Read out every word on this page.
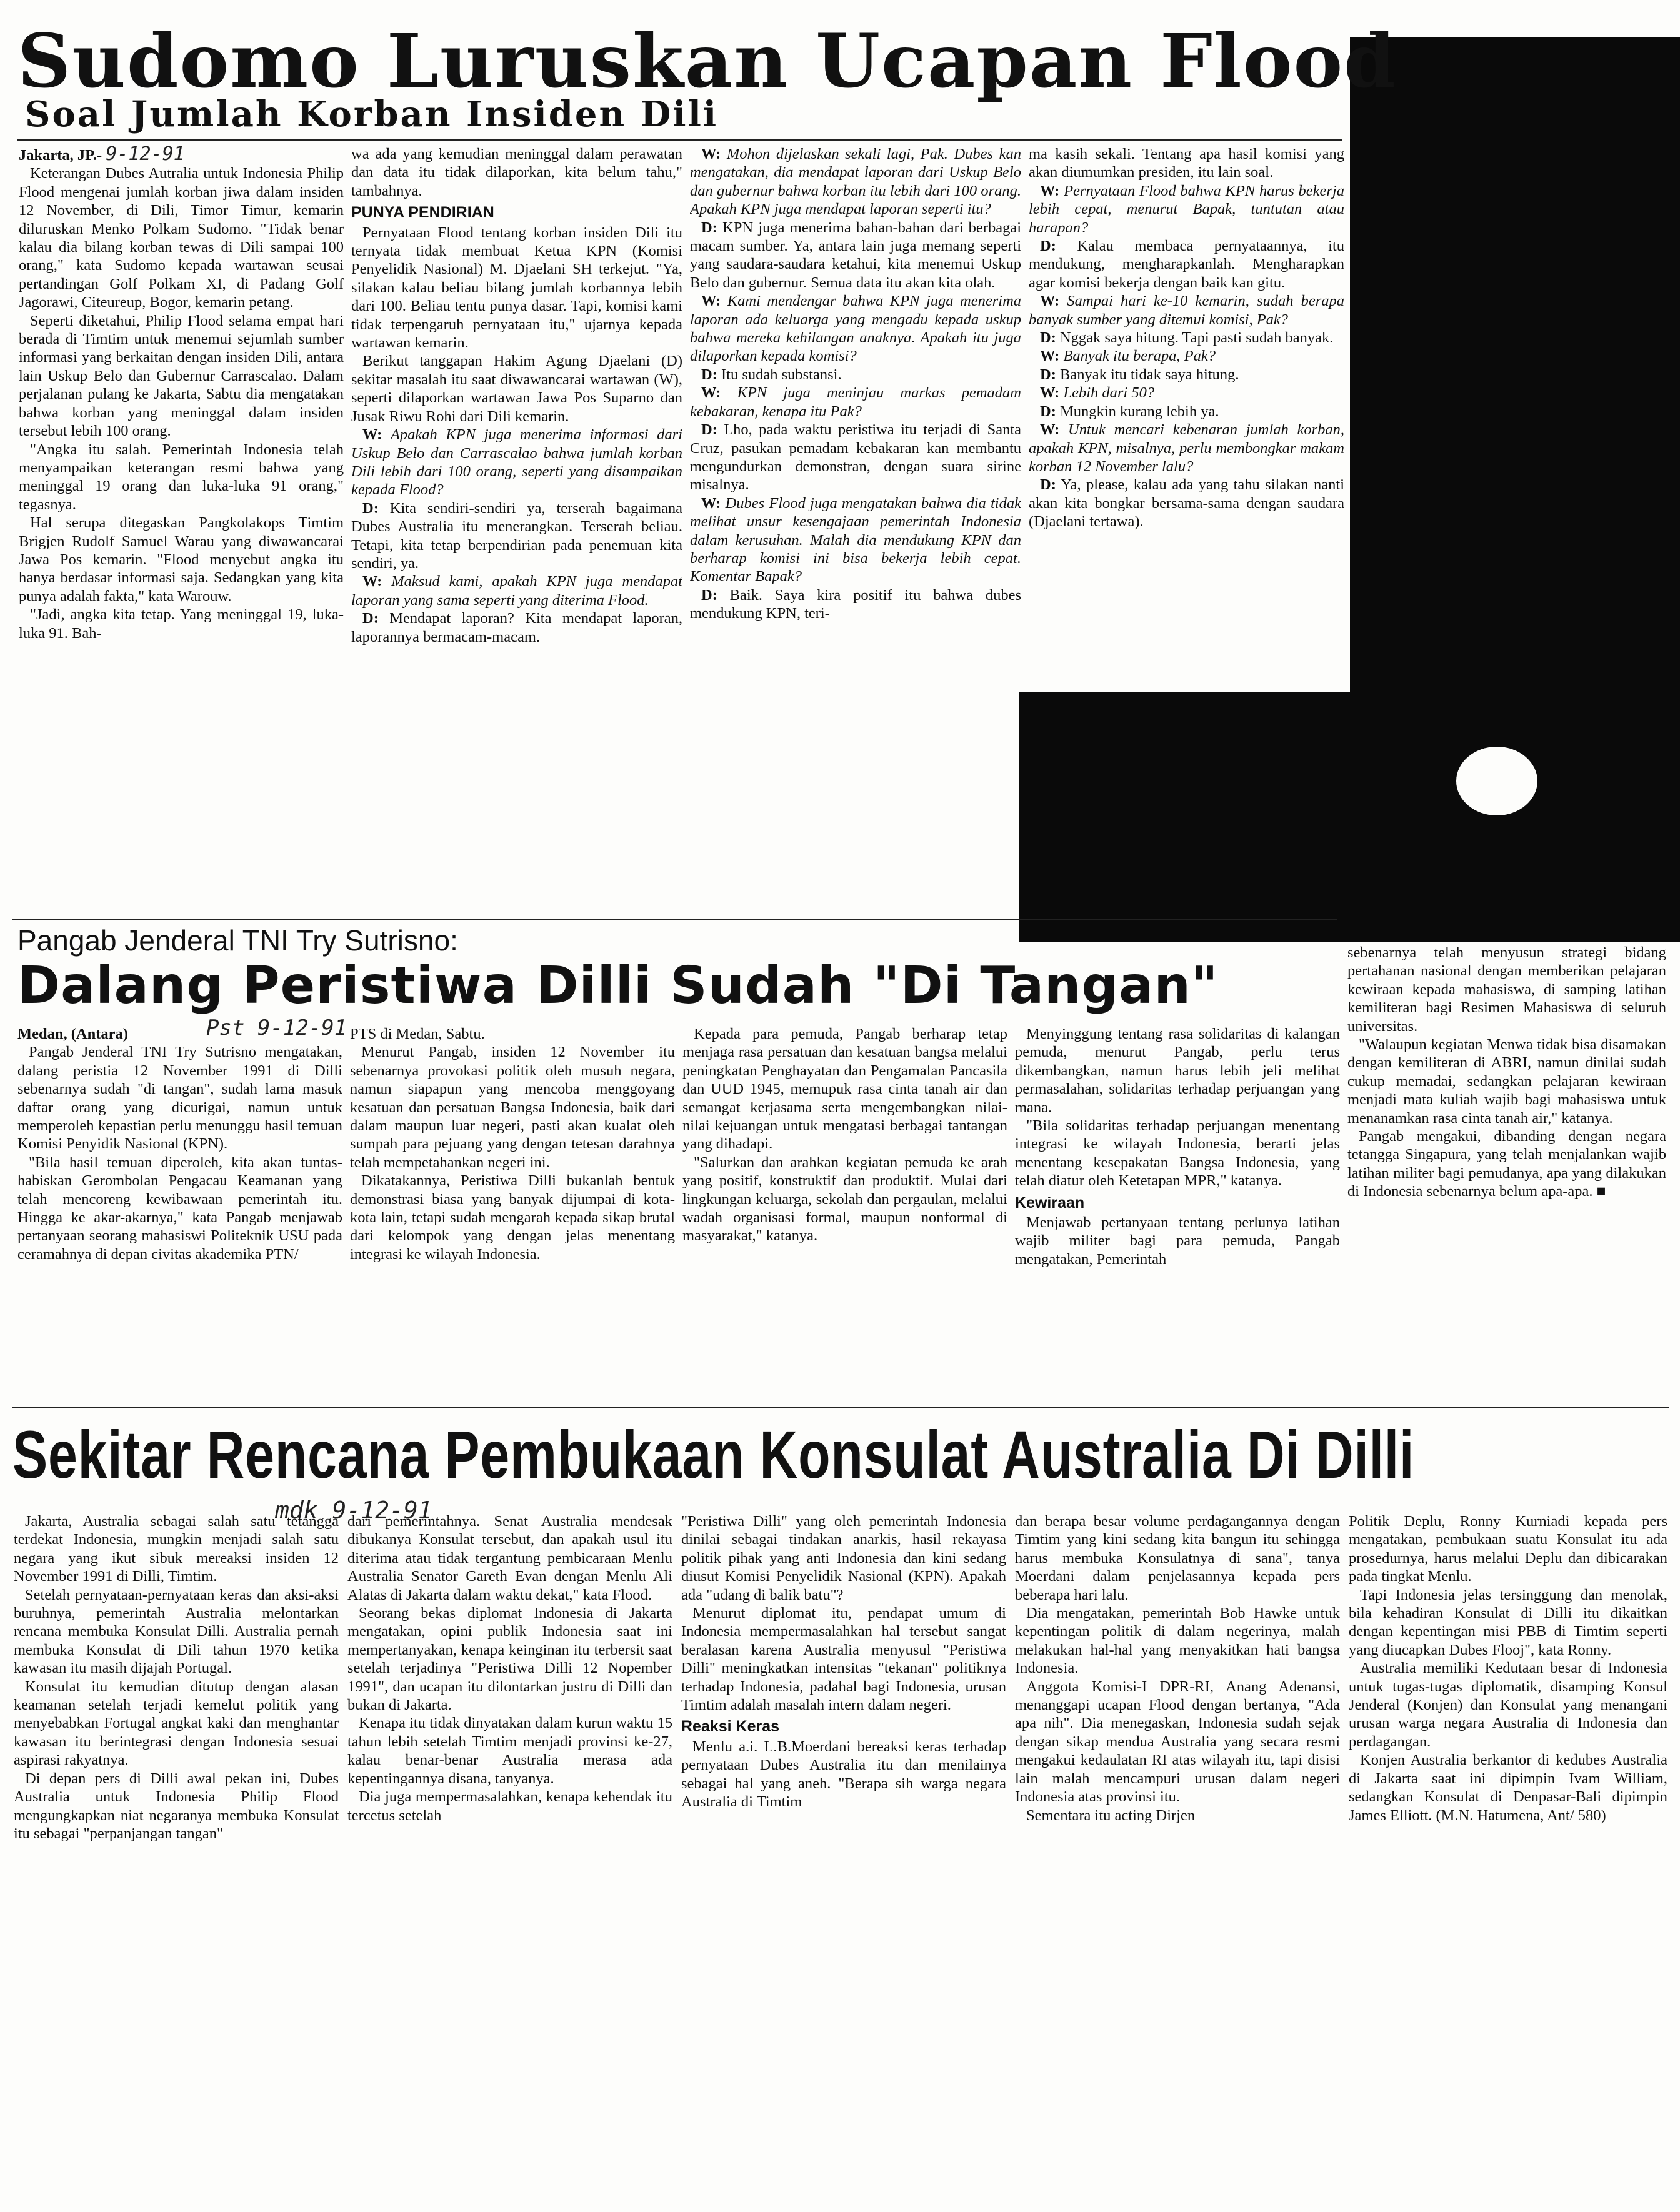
Sudomo Luruskan Ucapan Flood
Soal Jumlah Korban Insiden Dili

Jakarta, JP.- 9-12-91

Keterangan Dubes Autralia untuk Indonesia Philip Flood mengenai jumlah korban jiwa dalam insiden 12 November, di Dili, Timor Timur, kemarin diluruskan Menko Polkam Sudomo. "Tidak benar kalau dia bilang korban tewas di Dili sampai 100 orang," kata Sudomo kepada wartawan seusai pertandingan Golf Polkam XI, di Padang Golf Jagorawi, Citeureup, Bogor, kemarin petang.

Seperti diketahui, Philip Flood selama empat hari berada di Timtim untuk menemui sejumlah sumber informasi yang berkaitan dengan insiden Dili, antara lain Uskup Belo dan Gubernur Carrascalao. Dalam perjalanan pulang ke Jakarta, Sabtu dia mengatakan bahwa korban yang meninggal dalam insiden tersebut lebih 100 orang.

"Angka itu salah. Pemerintah Indonesia telah menyampaikan keterangan resmi bahwa yang meninggal 19 orang dan luka-luka 91 orang," tegasnya.

Hal serupa ditegaskan Pangkolakops Timtim Brigjen Rudolf Samuel Warau yang diwawancarai Jawa Pos kemarin. "Flood menyebut angka itu hanya berdasar informasi saja. Sedangkan yang kita punya adalah fakta," kata Warouw.

"Jadi, angka kita tetap. Yang meninggal 19, luka-luka 91. Bah-

wa ada yang kemudian meninggal dalam perawatan dan data itu tidak dilaporkan, kita belum tahu," tambahnya.

PUNYA PENDIRIAN

Pernyataan Flood tentang korban insiden Dili itu ternyata tidak membuat Ketua KPN (Komisi Penyelidik Nasional) M. Djaelani SH terkejut. "Ya, silakan kalau beliau bilang jumlah korbannya lebih dari 100. Beliau tentu punya dasar. Tapi, komisi kami tidak terpengaruh pernyataan itu," ujarnya kepada wartawan kemarin.

Berikut tanggapan Hakim Agung Djaelani (D) sekitar masalah itu saat diwawancarai wartawan (W), seperti dilaporkan wartawan Jawa Pos Suparno dan Jusak Riwu Rohi dari Dili kemarin.

W: Apakah KPN juga menerima informasi dari Uskup Belo dan Carrascalao bahwa jumlah korban Dili lebih dari 100 orang, seperti yang disampaikan kepada Flood?

D: Kita sendiri-sendiri ya, terserah bagaimana Dubes Australia itu menerangkan. Terserah beliau. Tetapi, kita tetap berpendirian pada penemuan kita sendiri, ya.

W: Maksud kami, apakah KPN juga mendapat laporan yang sama seperti yang diterima Flood.

D: Mendapat laporan? Kita mendapat laporan, laporannya bermacam-macam.

W: Mohon dijelaskan sekali lagi, Pak. Dubes kan mengatakan, dia mendapat laporan dari Uskup Belo dan gubernur bahwa korban itu lebih dari 100 orang. Apakah KPN juga mendapat laporan seperti itu?

D: KPN juga menerima bahan-bahan dari berbagai macam sumber. Ya, antara lain juga memang seperti yang saudara-saudara ketahui, kita menemui Uskup Belo dan gubernur. Semua data itu akan kita olah.

W: Kami mendengar bahwa KPN juga menerima laporan ada keluarga yang mengadu kepada uskup bahwa mereka kehilangan anaknya. Apakah itu juga dilaporkan kepada komisi?

D: Itu sudah substansi.

W: KPN juga meninjau markas pemadam kebakaran, kenapa itu Pak?

D: Lho, pada waktu peristiwa itu terjadi di Santa Cruz, pasukan pemadam kebakaran kan membantu mengundurkan demonstran, dengan suara sirine misalnya.

W: Dubes Flood juga mengatakan bahwa dia tidak melihat unsur kesengajaan pemerintah Indonesia dalam kerusuhan. Malah dia mendukung KPN dan berharap komisi ini bisa bekerja lebih cepat. Komentar Bapak?

D: Baik. Saya kira positif itu bahwa dubes mendukung KPN, teri-

ma kasih sekali. Tentang apa hasil komisi yang akan diumumkan presiden, itu lain soal.

W: Pernyataan Flood bahwa KPN harus bekerja lebih cepat, menurut Bapak, tuntutan atau harapan?

D: Kalau membaca pernyataannya, itu mendukung, mengharapkanlah. Mengharapkan agar komisi bekerja dengan baik kan gitu.

W: Sampai hari ke-10 kemarin, sudah berapa banyak sumber yang ditemui komisi, Pak?

D: Nggak saya hitung. Tapi pasti sudah banyak.

W: Banyak itu berapa, Pak?

D: Banyak itu tidak saya hitung.

W: Lebih dari 50?

D: Mungkin kurang lebih ya.

W: Untuk mencari kebenaran jumlah korban, apakah KPN, misalnya, perlu membongkar makam korban 12 November lalu?

D: Ya, please, kalau ada yang tahu silakan nanti akan kita bongkar bersama-sama dengan saudara (Djaelani tertawa).

Pangab Jenderal TNI Try Sutrisno:
Dalang Peristiwa Dilli Sudah "Di Tangan"

Medan, (Antara)

Pangab Jenderal TNI Try Sutrisno mengatakan, dalang peristia 12 November 1991 di Dilli sebenarnya sudah "di tangan", sudah lama masuk daftar orang yang dicurigai, namun untuk memperoleh kepastian perlu menunggu hasil temuan Komisi Penyidik Nasional (KPN).

"Bila hasil temuan diperoleh, kita akan tuntas-habiskan Gerombolan Pengacau Keamanan yang telah mencoreng kewibawaan pemerintah itu. Hingga ke akar-akarnya," kata Pangab menjawab pertanyaan seorang mahasiswi Politeknik USU pada ceramahnya di depan civitas akademika PTN/

Pst 9-12-91 PTS di Medan, Sabtu.

Menurut Pangab, insiden 12 November itu sebenarnya provokasi politik oleh musuh negara, namun siapapun yang mencoba menggoyang kesatuan dan persatuan Bangsa Indonesia, baik dari dalam maupun luar negeri, pasti akan kualat oleh sumpah para pejuang yang dengan tetesan darahnya telah mempetahankan negeri ini.

Dikatakannya, Peristiwa Dilli bukanlah bentuk demonstrasi biasa yang banyak dijumpai di kota-kota lain, tetapi sudah mengarah kepada sikap brutal dari kelompok yang dengan jelas menentang integrasi ke wilayah Indonesia.

Kepada para pemuda, Pangab berharap tetap menjaga rasa persatuan dan kesatuan bangsa melalui peningkatan Penghayatan dan Pengamalan Pancasila dan UUD 1945, memupuk rasa cinta tanah air dan semangat kerjasama serta mengembangkan nilai-nilai kejuangan untuk mengatasi berbagai tantangan yang dihadapi.

"Salurkan dan arahkan kegiatan pemuda ke arah yang positif, konstruktif dan produktif. Mulai dari lingkungan keluarga, sekolah dan pergaulan, melalui wadah organisasi formal, maupun nonformal di masyarakat," katanya.

Menyinggung tentang rasa solidaritas di kalangan pemuda, menurut Pangab, perlu terus dikembangkan, namun harus lebih jeli melihat permasalahan, solidaritas terhadap perjuangan yang mana.

"Bila solidaritas terhadap perjuangan menentang integrasi ke wilayah Indonesia, berarti jelas menentang kesepakatan Bangsa Indonesia, yang telah diatur oleh Ketetapan MPR," katanya.

Kewiraan

Menjawab pertanyaan tentang perlunya latihan wajib militer bagi para pemuda, Pangab mengatakan, Pemerintah

sebenarnya telah menyusun strategi bidang pertahanan nasional dengan memberikan pelajaran kewiraan kepada mahasiswa, di samping latihan kemiliteran bagi Resimen Mahasiswa di seluruh universitas.

"Walaupun kegiatan Menwa tidak bisa disamakan dengan kemiliteran di ABRI, namun dinilai sudah cukup memadai, sedangkan pelajaran kewiraan menjadi mata kuliah wajib bagi mahasiswa untuk menanamkan rasa cinta tanah air," katanya.

Pangab mengakui, dibanding dengan negara tetangga Singapura, yang telah menjalankan wajib latihan militer bagi pemudanya, apa yang dilakukan di Indonesia sebenarnya belum apa-apa. ■

Sekitar Rencana Pembukaan Konsulat Australia Di Dilli
mdk 9-12-91

Jakarta, Australia sebagai salah satu tetangga terdekat Indonesia, mungkin menjadi salah satu negara yang ikut sibuk mereaksi insiden 12 November 1991 di Dilli, Timtim.

Setelah pernyataan-pernyataan keras dan aksi-aksi buruhnya, pemerintah Australia melontarkan rencana membuka Konsulat Dilli. Australia pernah membuka Konsulat di Dili tahun 1970 ketika kawasan itu masih dijajah Portugal.

Konsulat itu kemudian ditutup dengan alasan keamanan setelah terjadi kemelut politik yang menyebabkan Fortugal angkat kaki dan menghantar kawasan itu berintegrasi dengan Indonesia sesuai aspirasi rakyatnya.

Di depan pers di Dilli awal pekan ini, Dubes Australia untuk Indonesia Philip Flood mengungkapkan niat negaranya membuka Konsulat itu sebagai "perpanjangan tangan"

dari pemerintahnya. Senat Australia mendesak dibukanya Konsulat tersebut, dan apakah usul itu diterima atau tidak tergantung pembicaraan Menlu Australia Senator Gareth Evan dengan Menlu Ali Alatas di Jakarta dalam waktu dekat," kata Flood.

Seorang bekas diplomat Indonesia di Jakarta mengatakan, opini publik Indonesia saat ini mempertanyakan, kenapa keinginan itu terbersit saat setelah terjadinya "Peristiwa Dilli 12 Nopember 1991", dan ucapan itu dilontarkan justru di Dilli dan bukan di Jakarta.

Kenapa itu tidak dinyatakan dalam kurun waktu 15 tahun lebih setelah Timtim menjadi provinsi ke-27, kalau benar-benar Australia merasa ada kepentingannya disana, tanyanya.

Dia juga mempermasalahkan, kenapa kehendak itu tercetus setelah

"Peristiwa Dilli" yang oleh pemerintah Indonesia dinilai sebagai tindakan anarkis, hasil rekayasa politik pihak yang anti Indonesia dan kini sedang diusut Komisi Penyelidik Nasional (KPN). Apakah ada "udang di balik batu"?

Menurut diplomat itu, pendapat umum di Indonesia mempermasalahkan hal tersebut sangat beralasan karena Australia menyusul "Peristiwa Dilli" meningkatkan intensitas "tekanan" politiknya terhadap Indonesia, padahal bagi Indonesia, urusan Timtim adalah masalah intern dalam negeri.

Reaksi Keras

Menlu a.i. L.B.Moerdani bereaksi keras terhadap pernyataan Dubes Australia itu dan menilainya sebagai hal yang aneh. "Berapa sih warga negara Australia di Timtim

dan berapa besar volume perdagangannya dengan Timtim yang kini sedang kita bangun itu sehingga harus membuka Konsulatnya di sana", tanya Moerdani dalam penjelasannya kepada pers beberapa hari lalu.

Dia mengatakan, pemerintah Bob Hawke untuk kepentingan politik di dalam negerinya, malah melakukan hal-hal yang menyakitkan hati bangsa Indonesia.

Anggota Komisi-I DPR-RI, Anang Adenansi, menanggapi ucapan Flood dengan bertanya, "Ada apa nih". Dia menegaskan, Indonesia sudah sejak dengan sikap mendua Australia yang secara resmi mengakui kedaulatan RI atas wilayah itu, tapi disisi lain malah mencampuri urusan dalam negeri Indonesia atas provinsi itu.

Sementara itu acting Dirjen

Politik Deplu, Ronny Kurniadi kepada pers mengatakan, pembukaan suatu Konsulat itu ada prosedurnya, harus melalui Deplu dan dibicarakan pada tingkat Menlu.

Tapi Indonesia jelas tersinggung dan menolak, bila kehadiran Konsulat di Dilli itu dikaitkan dengan kepentingan misi PBB di Timtim seperti yang diucapkan Dubes Flooj", kata Ronny.

Australia memiliki Kedutaan besar di Indonesia untuk tugas-tugas diplomatik, disamping Konsul Jenderal (Konjen) dan Konsulat yang menangani urusan warga negara Australia di Indonesia dan perdagangan.

Konjen Australia berkantor di kedubes Australia di Jakarta saat ini dipimpin Ivam William, sedangkan Konsulat di Denpasar-Bali dipimpin James Elliott. (M.N. Hatumena, Ant/ 580)
